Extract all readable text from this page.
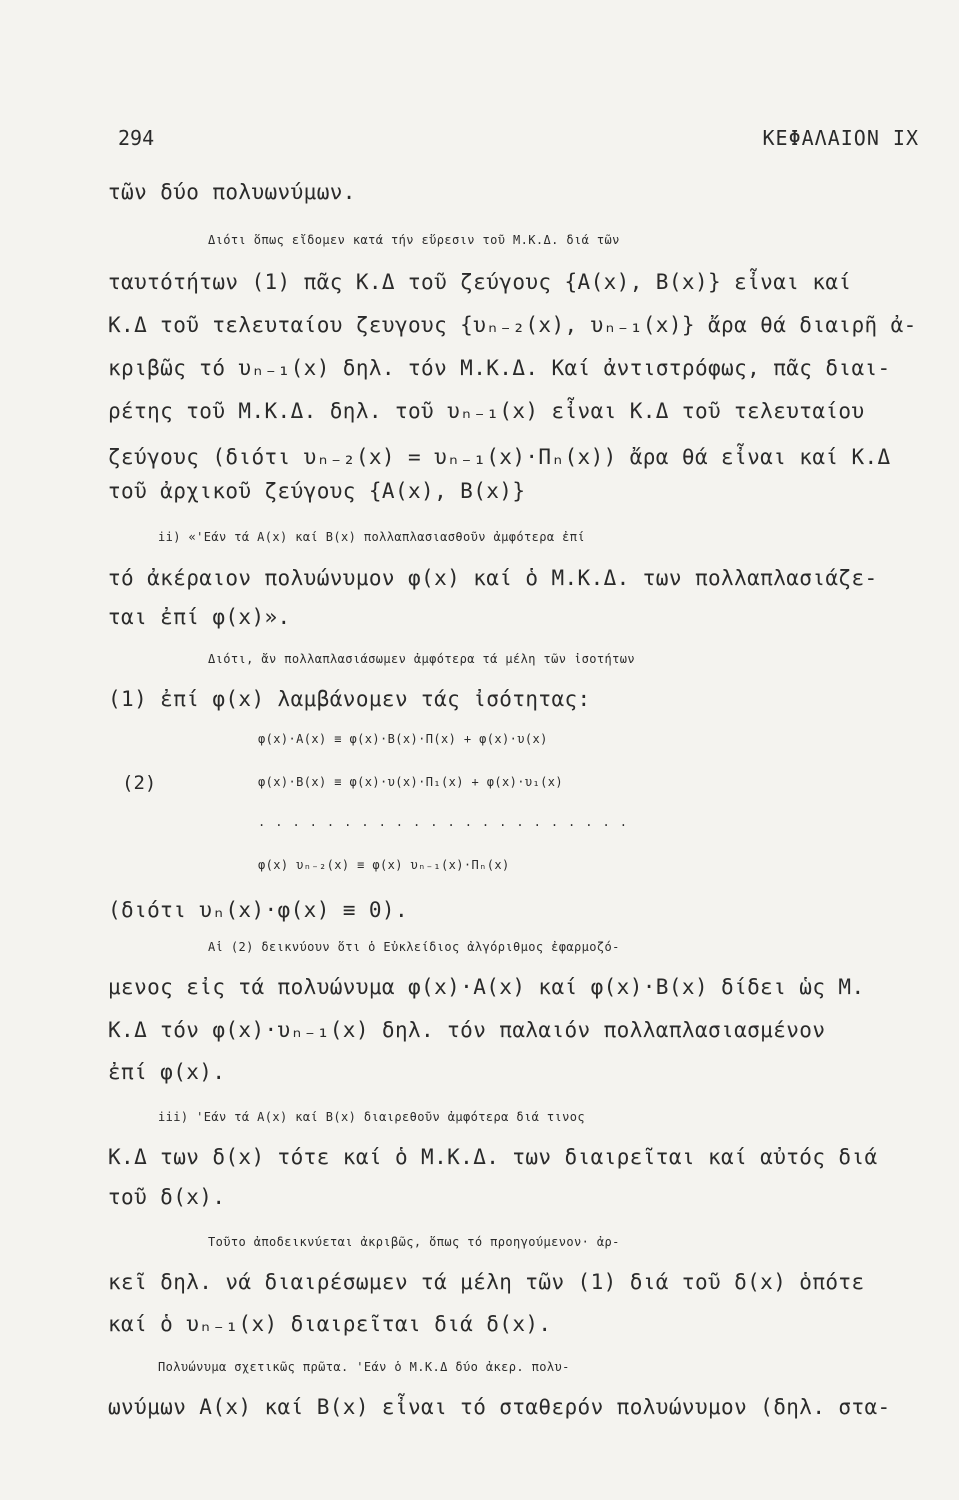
294	ΚΕΦΑΛΑΙΟΝ IX
τῶν δύο πολυωνύμων.
Διότι ὅπως εἴδομεν κατά τήν εὕρεσιν τοῦ Μ.Κ.Δ. διά τῶν
ταυτότήτων (1) πᾶς Κ.Δ τοῦ ζεύγους {Α(x), Β(x)} εἶναι καί
Κ.Δ τοῦ τελευταίου ζευγους {υₙ₋₂(x), υₙ₋₁(x)} ἄρα θά διαιρῆ ἀ-
κριβῶς τό υₙ₋₁(x) δηλ. τόν Μ.Κ.Δ. Καί ἀντιστρόφως, πᾶς διαι-
ρέτης τοῦ Μ.Κ.Δ. δηλ. τοῦ υₙ₋₁(x) εἶναι Κ.Δ τοῦ τελευταίου
ζεύγους (διότι υₙ₋₂(x) = υₙ₋₁(x)·Πₙ(x)) ἄρα θά εἶναι καί Κ.Δ
τοῦ ἀρχικοῦ ζεύγους {Α(x), Β(x)}
ii) «'Εάν τά Α(x) καί Β(x) πολλαπλασιασθοῦν ἀμφότερα ἐπί
τό ἀκέραιον πολυώνυμον φ(x) καί ὁ Μ.Κ.Δ. των πολλαπλασιάζε-
ται ἐπί φ(x)».
Διότι, ἄν πολλαπλασιάσωμεν ἀμφότερα τά μέλη τῶν ἰσοτήτων
(1) ἐπί φ(x) λαμβάνομεν τάς ἰσότητας:
(2)
φ(x)·Α(x) ≡ φ(x)·Β(x)·Π(x) + φ(x)·υ(x)
φ(x)·Β(x) ≡ φ(x)·υ(x)·Π₁(x) + φ(x)·υ₁(x)
......................
φ(x) υₙ₋₂(x) ≡ φ(x) υₙ₋₁(x)·Πₙ(x)
(διότι υₙ(x)·φ(x) ≡ 0).
Αἱ (2) δεικνύουν ὅτι ὁ Εὐκλείδιος ἀλγόριθμος ἐφαρμοζό-
μενος εἰς τά πολυώνυμα φ(x)·Α(x) καί φ(x)·Β(x) δίδει ὡς Μ.
Κ.Δ τόν φ(x)·υₙ₋₁(x) δηλ. τόν παλαιόν πολλαπλασιασμένον
ἐπί φ(x).
iii) 'Εάν τά Α(x) καί Β(x) διαιρεθοῦν ἀμφότερα διά τινος
Κ.Δ των δ(x) τότε καί ὁ Μ.Κ.Δ. των διαιρεῖται καί αὐτός διά
τοῦ δ(x).
Τοῦτο ἀποδεικνύεται ἀκριβῶς, ὅπως τό προηγούμενον· ἀρ-
κεῖ δηλ. νά διαιρέσωμεν τά μέλη τῶν (1) διά τοῦ δ(x) ὁπότε
καί ὁ υₙ₋₁(x) διαιρεῖται διά δ(x).
Πολυώνυμα σχετικῶς πρῶτα. 'Εάν ὁ Μ.Κ.Δ δύο ἀκερ. πολυ-
ωνύμων Α(x) καί Β(x) εἶναι τό σταθερόν πολυώνυμον (δηλ. στα-
